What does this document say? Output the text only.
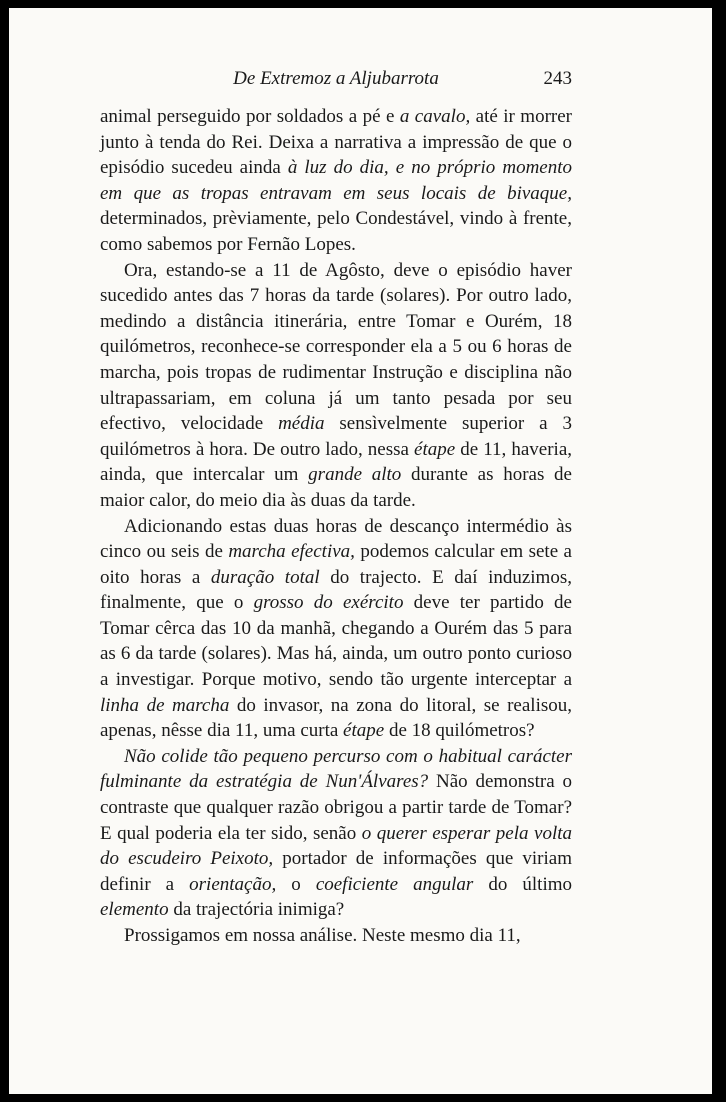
De Extremoz a Aljubarrota	243

animal perseguido por soldados a pé e a cavalo, até ir morrer junto à tenda do Rei. Deixa a narrativa a impressão de que o episódio sucedeu ainda à luz do dia, e no próprio momento em que as tropas entravam em seus locais de bivaque, determinados, prèviamente, pelo Condestável, vindo à frente, como sabemos por Fernão Lopes.

Ora, estando-se a 11 de Agôsto, deve o episódio haver sucedido antes das 7 horas da tarde (solares). Por outro lado, medindo a distância itinerária, entre Tomar e Ourém, 18 quilómetros, reconhece-se corresponder ela a 5 ou 6 horas de marcha, pois tropas de rudimentar Instrução e disciplina não ultrapassariam, em coluna já um tanto pesada por seu efectivo, velocidade média sensìvelmente superior a 3 quilómetros à hora. De outro lado, nessa étape de 11, haveria, ainda, que intercalar um grande alto durante as horas de maior calor, do meio dia às duas da tarde.

Adicionando estas duas horas de descanço intermédio às cinco ou seis de marcha efectiva, podemos calcular em sete a oito horas a duração total do trajecto. E daí induzimos, finalmente, que o grosso do exército deve ter partido de Tomar cêrca das 10 da manhã, chegando a Ourém das 5 para as 6 da tarde (solares). Mas há, ainda, um outro ponto curioso a investigar. Porque motivo, sendo tão urgente interceptar a linha de marcha do invasor, na zona do litoral, se realisou, apenas, nêsse dia 11, uma curta étape de 18 quilómetros?

Não colide tão pequeno percurso com o habitual carácter fulminante da estratégia de Nun'Álvares? Não demonstra o contraste que qualquer razão obrigou a partir tarde de Tomar? E qual poderia ela ter sido, senão o querer esperar pela volta do escudeiro Peixoto, portador de informações que viriam definir a orientação, o coeficiente angular do último elemento da trajectória inimiga?

Prossigamos em nossa análise. Neste mesmo dia 11,
